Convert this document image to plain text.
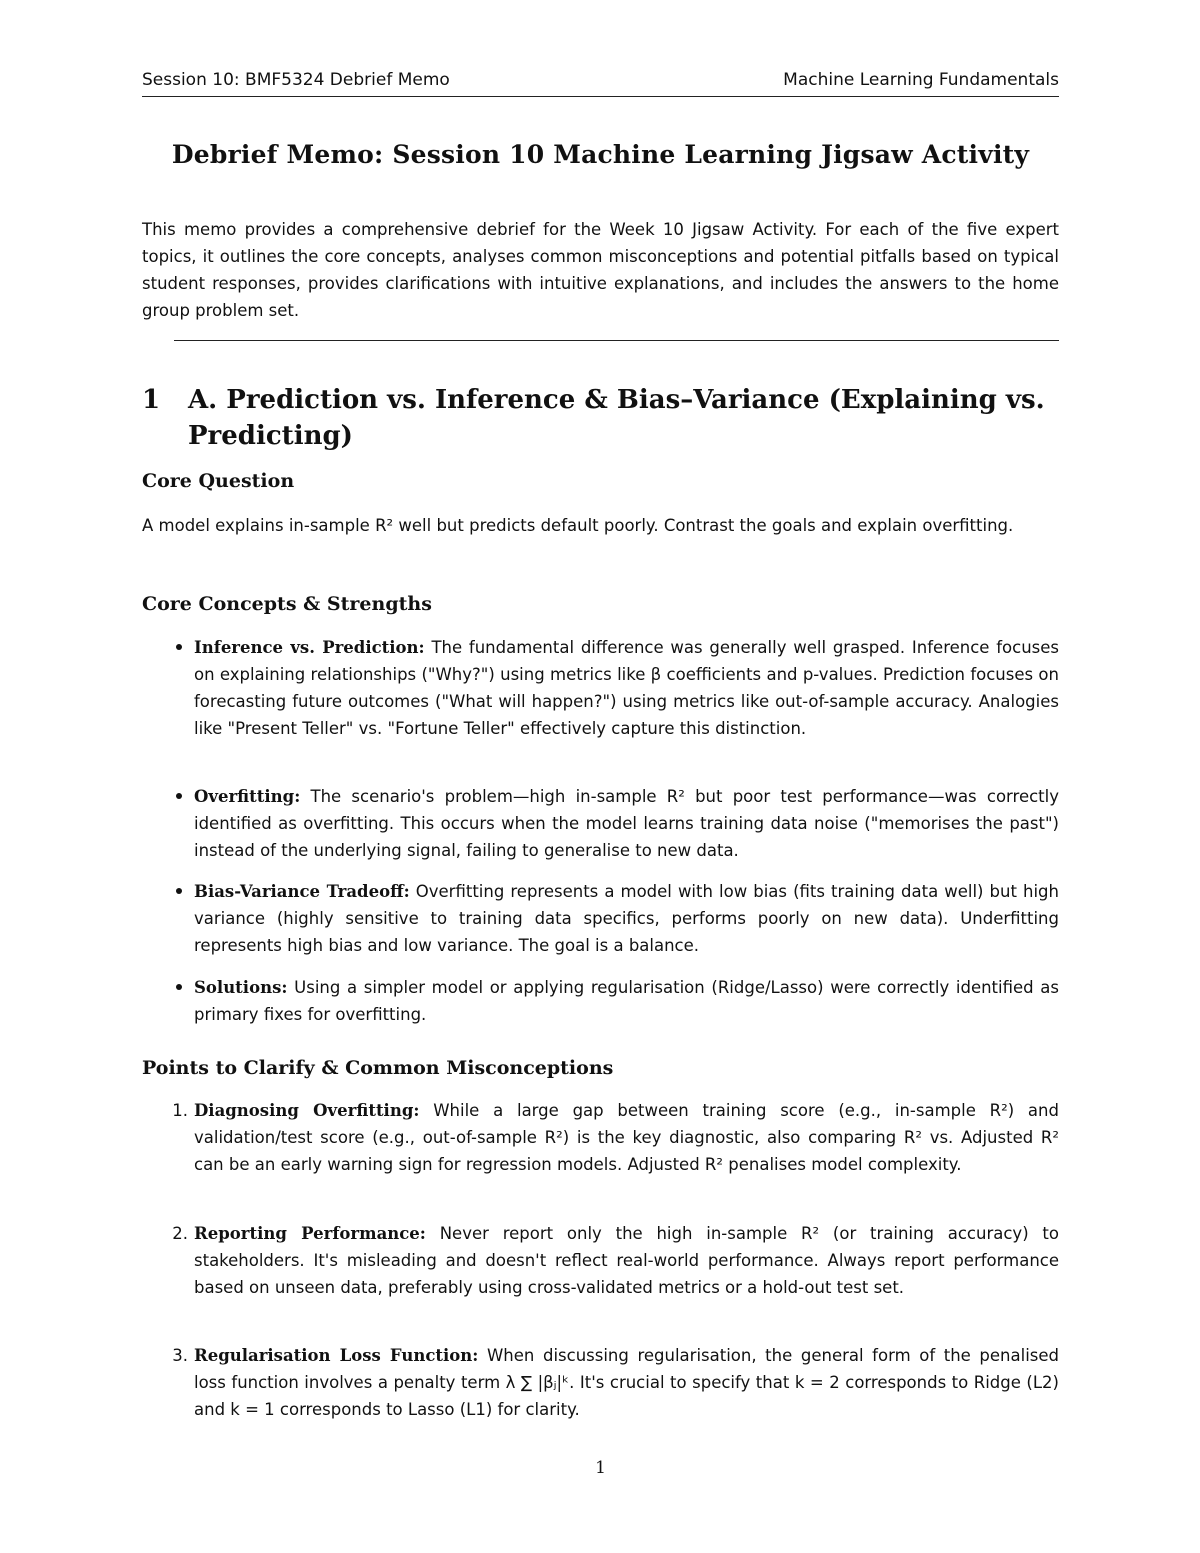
Session 10: BMF5324 Debrief Memo	Machine Learning Fundamentals
Debrief Memo: Session 10 Machine Learning Jigsaw Activity
This memo provides a comprehensive debrief for the Week 10 Jigsaw Activity. For each of the five expert topics, it outlines the core concepts, analyses common misconceptions and potential pitfalls based on typical student responses, provides clarifications with intuitive explanations, and includes the answers to the home group problem set.
1	A. Prediction vs. Inference & Bias–Variance (Explaining vs. Predicting)
Core Question
A model explains in-sample R² well but predicts default poorly. Contrast the goals and explain overfitting.
Core Concepts & Strengths
Inference vs. Prediction: The fundamental difference was generally well grasped. Inference focuses on explaining relationships ("Why?") using metrics like β coefficients and p-values. Prediction focuses on forecasting future outcomes ("What will happen?") using metrics like out-of-sample accuracy. Analogies like "Present Teller" vs. "Fortune Teller" effectively capture this distinction.
Overfitting: The scenario's problem—high in-sample R² but poor test performance—was correctly identified as overfitting. This occurs when the model learns training data noise ("memorises the past") instead of the underlying signal, failing to generalise to new data.
Bias-Variance Tradeoff: Overfitting represents a model with low bias (fits training data well) but high variance (highly sensitive to training data specifics, performs poorly on new data). Underfitting represents high bias and low variance. The goal is a balance.
Solutions: Using a simpler model or applying regularisation (Ridge/Lasso) were correctly identified as primary fixes for overfitting.
Points to Clarify & Common Misconceptions
1. Diagnosing Overfitting: While a large gap between training score (e.g., in-sample R²) and validation/test score (e.g., out-of-sample R²) is the key diagnostic, also comparing R² vs. Adjusted R² can be an early warning sign for regression models. Adjusted R² penalises model complexity.
2. Reporting Performance: Never report only the high in-sample R² (or training accuracy) to stakeholders. It's misleading and doesn't reflect real-world performance. Always report performance based on unseen data, preferably using cross-validated metrics or a hold-out test set.
3. Regularisation Loss Function: When discussing regularisation, the general form of the penalised loss function involves a penalty term λ ∑ |βⱼ|ᵏ. It's crucial to specify that k = 2 corresponds to Ridge (L2) and k = 1 corresponds to Lasso (L1) for clarity.
1
